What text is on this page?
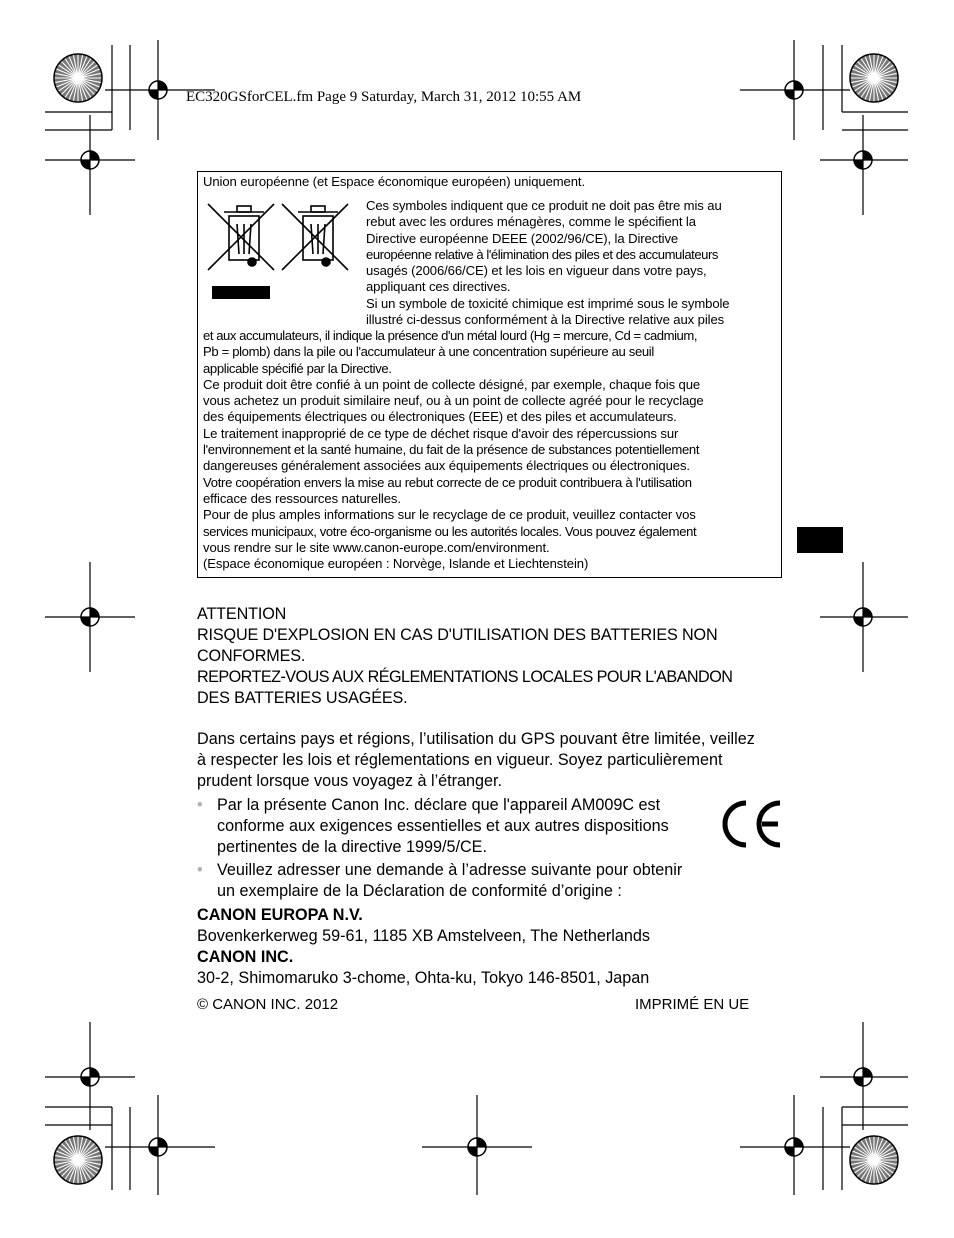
EC320GSforCEL.fm Page 9 Saturday, March 31, 2012 10:55 AM
Union européenne (et Espace économique européen) uniquement.

Ces symboles indiquent que ce produit ne doit pas être mis au

rebut avec les ordures ménagères, comme le spécifient la

Directive européenne DEEE (2002/96/CE), la Directive

européenne relative à l'élimination des piles et des accumulateurs

usagés (2006/66/CE) et les lois en vigueur dans votre pays,

appliquant ces directives.

Si un symbole de toxicité chimique est imprimé sous le symbole

illustré ci-dessus conformément à la Directive relative aux piles

et aux accumulateurs, il indique la présence d'un métal lourd (Hg = mercure, Cd = cadmium,

Pb = plomb) dans la pile ou l'accumulateur à une concentration supérieure au seuil

applicable spécifié par la Directive.

Ce produit doit être confié à un point de collecte désigné, par exemple, chaque fois que

vous achetez un produit similaire neuf, ou à un point de collecte agréé pour le recyclage

des équipements électriques ou électroniques (EEE) et des piles et accumulateurs.

Le traitement inapproprié de ce type de déchet risque d'avoir des répercussions sur

l'environnement et la santé humaine, du fait de la présence de substances potentiellement

dangereuses généralement associées aux équipements électriques ou électroniques.

Votre coopération envers la mise au rebut correcte de ce produit contribuera à l'utilisation

efficace des ressources naturelles.

Pour de plus amples informations sur le recyclage de ce produit, veuillez contacter vos

services municipaux, votre éco-organisme ou les autorités locales. Vous pouvez également

vous rendre sur le site www.canon-europe.com/environment.

(Espace économique européen : Norvège, Islande et Liechtenstein)

ATTENTION

RISQUE D'EXPLOSION EN CAS D'UTILISATION DES BATTERIES NON

CONFORMES.

REPORTEZ-VOUS AUX RÉGLEMENTATIONS LOCALES POUR L'ABANDON

DES BATTERIES USAGÉES.

Dans certains pays et régions, l’utilisation du GPS pouvant être limitée, veillez
à respecter les lois et réglementations en vigueur. Soyez particulièrement
prudent lorsque vous voyagez à l’étranger.
• Par la présente Canon Inc. déclare que l'appareil AM009C est
conforme aux exigences essentielles et aux autres dispositions
pertinentes de la directive 1999/5/CE.
• Veuillez adresser une demande à l’adresse suivante pour obtenir
un exemplaire de la Déclaration de conformité d’origine :

CANON EUROPA N.V.

Bovenkerkerweg 59-61, 1185 XB Amstelveen, The Netherlands

CANON INC.

30-2, Shimomaruko 3-chome, Ohta-ku, Tokyo 146-8501, Japan

© CANON INC. 2012	IMPRIMÉ EN UE
